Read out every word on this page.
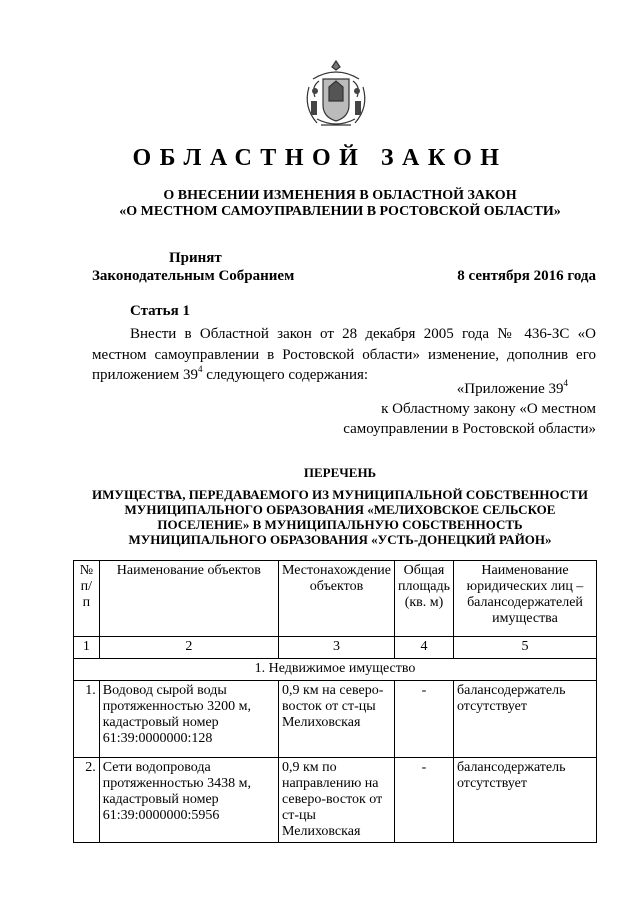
ОБЛАСТНОЙ ЗАКОН
О ВНЕСЕНИИ ИЗМЕНЕНИЯ В ОБЛАСТНОЙ ЗАКОН
«О МЕСТНОМ САМОУПРАВЛЕНИИ В РОСТОВСКОЙ ОБЛАСТИ»
Принят
Законодательным Собранием	8 сентября 2016 года
Статья 1
Внести в Областной закон от 28 декабря 2005 года № 436-ЗС «О местном самоуправлении в Ростовской области» изменение, дополнив его приложением $39^4$ следующего содержания:
«Приложение $39^4$
к Областному закону «О местном
самоуправлении в Ростовской области»
ПЕРЕЧЕНЬ
ИМУЩЕСТВА, ПЕРЕДАВАЕМОГО ИЗ МУНИЦИПАЛЬНОЙ СОБСТВЕННОСТИ
МУНИЦИПАЛЬНОГО ОБРАЗОВАНИЯ «МЕЛИХОВСКОЕ СЕЛЬСКОЕ
ПОСЕЛЕНИЕ» В МУНИЦИПАЛЬНУЮ СОБСТВЕННОСТЬ
МУНИЦИПАЛЬНОГО ОБРАЗОВАНИЯ «УСТЬ-ДОНЕЦКИЙ РАЙОН»
№ п/п	Наименование объектов	Местонахождение объектов	Общая площадь (кв. м)	Наименование юридических лиц – балансодержателей имущества
1	2	3	4	5
1. Недвижимое имущество				
1.	Водовод сырой воды протяженностью 3200 м, кадастровый номер 61:39:0000000:128	0,9 км на северо-восток от ст-цы Мелиховская	-	балансодержатель отсутствует
2.	Сети водопровода протяженностью 3438 м, кадастровый номер 61:39:0000000:5956	0,9 км по направлению на северо-восток от ст-цы Мелиховская	-	балансодержатель отсутствует
